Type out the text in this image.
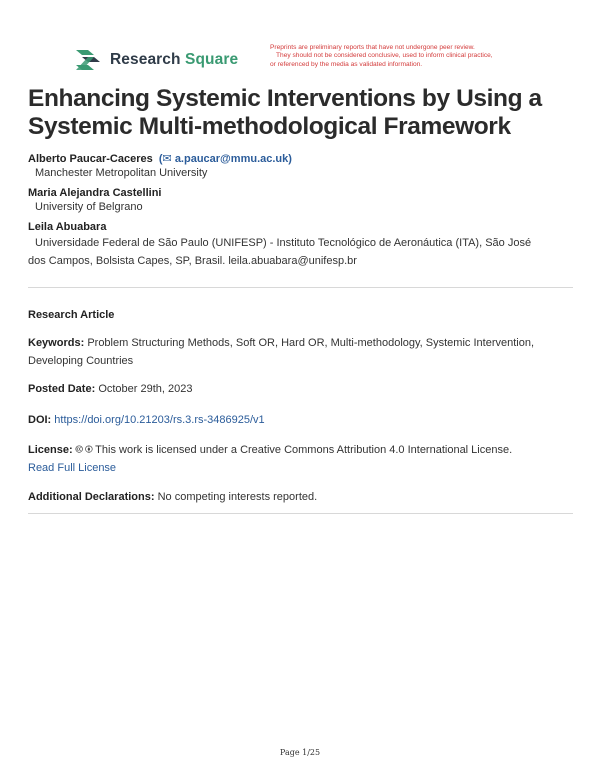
Research Square
Preprints are preliminary reports that have not undergone peer review.
They should not be considered conclusive, used to inform clinical practice,
or referenced by the media as validated information.
Enhancing Systemic Interventions by Using a
Systemic Multi-methodological Framework
Alberto Paucar-Caceres  (✉ a.paucar@mmu.ac.uk)
Manchester Metropolitan University
Maria Alejandra Castellini
University of Belgrano
Leila Abuabara
Universidade Federal de São Paulo (UNIFESP) - Instituto Tecnológico de Aeronáutica (ITA), São José
dos Campos, Bolsista Capes, SP, Brasil. leila.abuabara@unifesp.br
Research Article
Keywords: Problem Structuring Methods, Soft OR, Hard OR, Multi-methodology, Systemic Intervention,
Developing Countries
Posted Date: October 29th, 2023
DOI: https://doi.org/10.21203/rs.3.rs-3486925/v1
License: 🅭 🅯 This work is licensed under a Creative Commons Attribution 4.0 International License.
Read Full License
Additional Declarations: No competing interests reported.
Page 1/25
